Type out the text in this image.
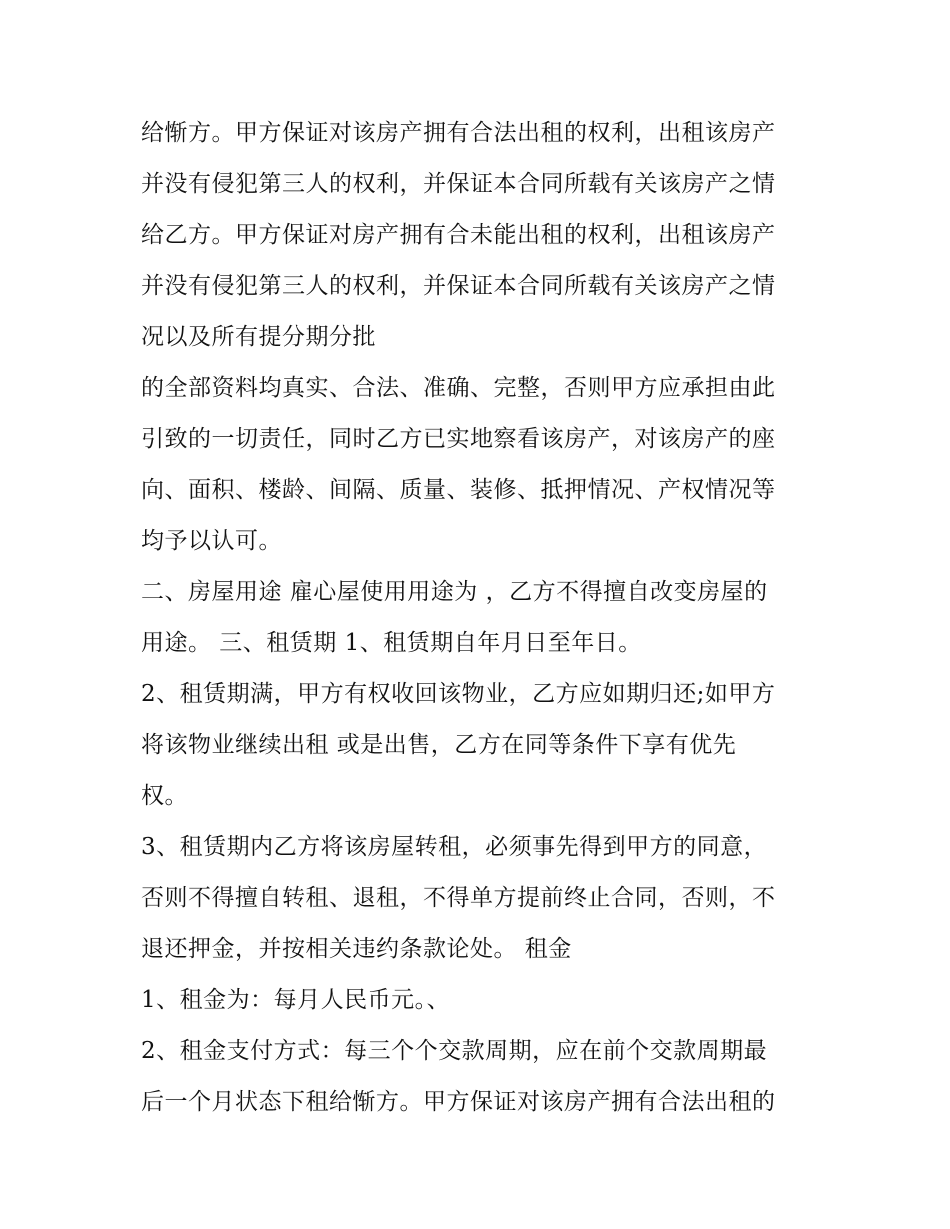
给惭方。甲方保证对该房产拥有合法出租的权利，出租该房产
并没有侵犯第三人的权利，并保证本合同所载有关该房产之情
给乙方。甲方保证对房产拥有合未能出租的权利，出租该房产
并没有侵犯第三人的权利，并保证本合同所载有关该房产之情
况以及所有提分期分批
的全部资料均真实、合法、准确、完整，否则甲方应承担由此
引致的一切责任，同时乙方已实地察看该房产，对该房产的座
向、面积、楼龄、间隔、质量、装修、抵押情况、产权情况等
均予以认可。
二、房屋用途 雇心屋使用用途为 ，乙方不得擅自改变房屋的
用途。 三、租赁期 1、租赁期自年月日至年日。
2、租赁期满，甲方有权收回该物业，乙方应如期归还;如甲方
将该物业继续出租 或是出售，乙方在同等条件下享有优先
权。
3、租赁期内乙方将该房屋转租，必须事先得到甲方的同意，
否则不得擅自转租、退租，不得单方提前终止合同，否则，不
退还押金，并按相关违约条款论处。 租金
1、租金为：每月人民币元。、
2、租金支付方式：每三个个交款周期，应在前个交款周期最
后一个月状态下租给惭方。甲方保证对该房产拥有合法出租的
